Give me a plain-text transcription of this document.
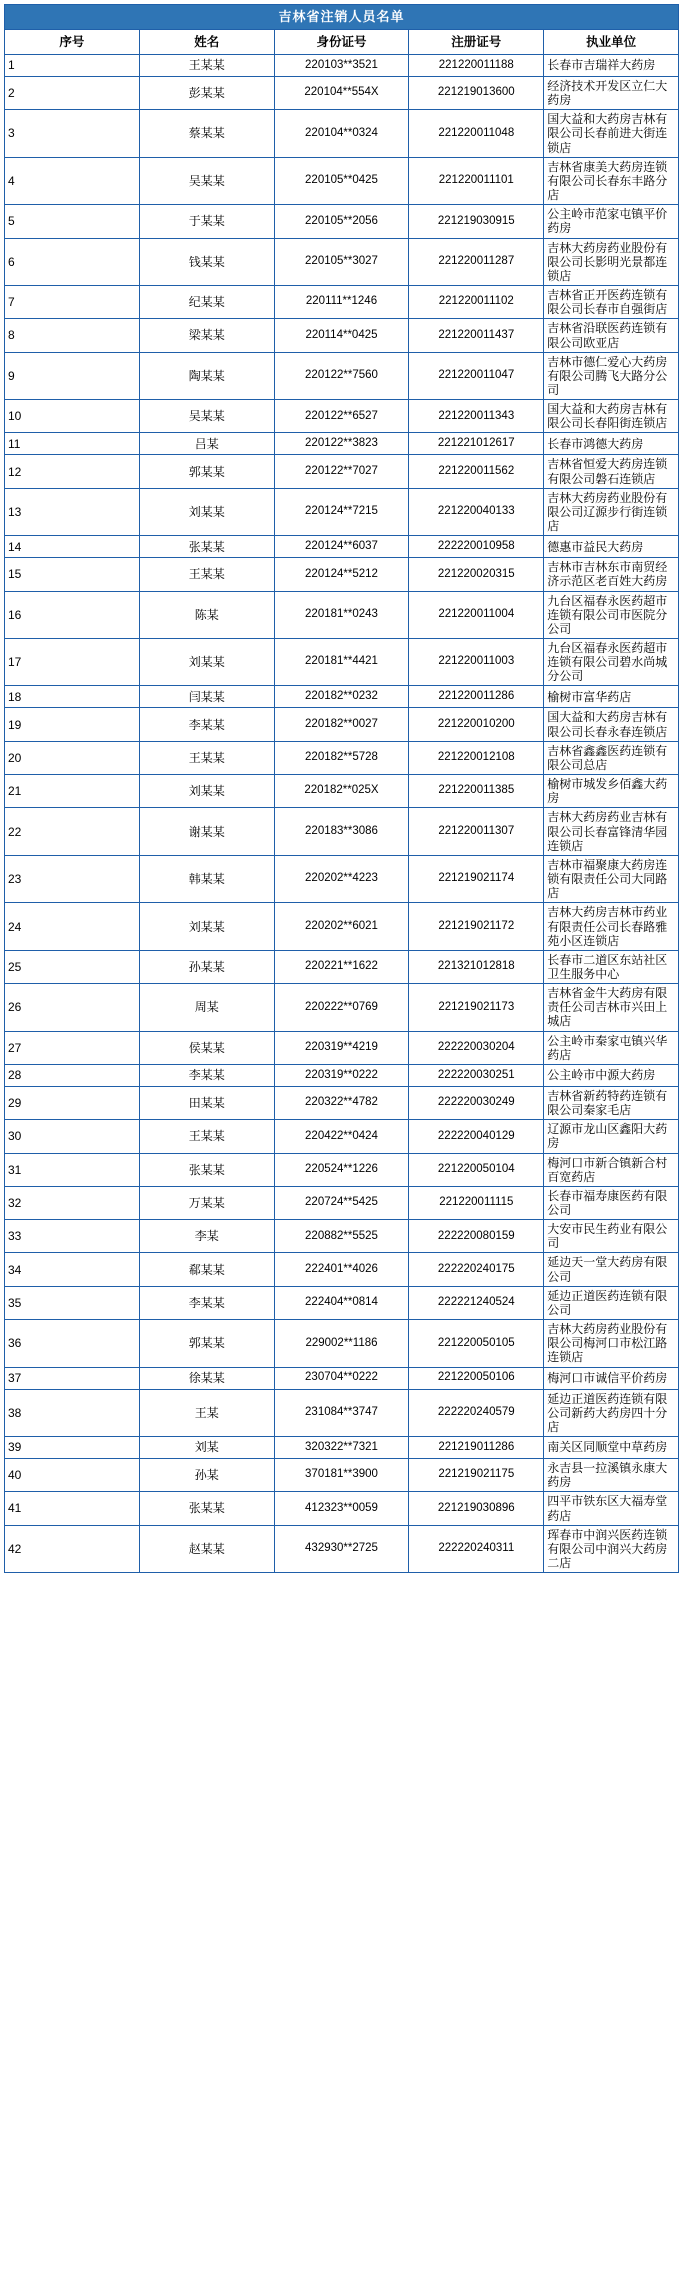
吉林省注销人员名单				
序号	姓名	身份证号	注册证号	执业单位
1	王某某	220103**3521	221220011188	长春市吉瑞祥大药房
2	彭某某	220104**554X	221219013600	经济技术开发区立仁大药房
3	蔡某某	220104**0324	221220011048	国大益和大药房吉林有限公司长春前进大街连锁店
4	吴某某	220105**0425	221220011101	吉林省康美大药房连锁有限公司长春东丰路分店
5	于某某	220105**2056	221219030915	公主岭市范家屯镇平价药房
6	钱某某	220105**3027	221220011287	吉林大药房药业股份有限公司长影明光景都连锁店
7	纪某某	220111**1246	221220011102	吉林省正开医药连锁有限公司长春市自强街店
8	梁某某	220114**0425	221220011437	吉林省沿联医药连锁有限公司欧亚店
9	陶某某	220122**7560	221220011047	吉林市德仁爱心大药房有限公司腾飞大路分公司
10	吴某某	220122**6527	221220011343	国大益和大药房吉林有限公司长春阳街连锁店
11	吕某	220122**3823	221221012617	长春市鸿德大药房
12	郭某某	220122**7027	221220011562	吉林省恒爱大药房连锁有限公司磐石连锁店
13	刘某某	220124**7215	221220040133	吉林大药房药业股份有限公司辽源步行街连锁店
14	张某某	220124**6037	222220010958	德惠市益民大药房
15	王某某	220124**5212	221220020315	吉林市吉林东市南贸经济示范区老百姓大药房
16	陈某	220181**0243	221220011004	九台区福春永医药超市连锁有限公司市医院分公司
17	刘某某	220181**4421	221220011003	九台区福春永医药超市连锁有限公司碧水尚城分公司
18	闫某某	220182**0232	221220011286	榆树市富华药店
19	李某某	220182**0027	221220010200	国大益和大药房吉林有限公司长春永春连锁店
20	王某某	220182**5728	221220012108	吉林省鑫鑫医药连锁有限公司总店
21	刘某某	220182**025X	221220011385	榆树市城发乡佰鑫大药房
22	谢某某	220183**3086	221220011307	吉林大药房药业吉林有限公司长春富锋清华园连锁店
23	韩某某	220202**4223	221219021174	吉林市福聚康大药房连锁有限责任公司大同路店
24	刘某某	220202**6021	221219021172	吉林大药房吉林市药业有限责任公司长春路雅苑小区连锁店
25	孙某某	220221**1622	221321012818	长春市二道区东站社区卫生服务中心
26	周某	220222**0769	221219021173	吉林省金牛大药房有限责任公司吉林市兴田上城店
27	侯某某	220319**4219	222220030204	公主岭市秦家屯镇兴华药店
28	李某某	220319**0222	222220030251	公主岭市中源大药房
29	田某某	220322**4782	222220030249	吉林省新药特药连锁有限公司秦家毛店
30	王某某	220422**0424	222220040129	辽源市龙山区鑫阳大药房
31	张某某	220524**1226	221220050104	梅河口市新合镇新合村百宽药店
32	万某某	220724**5425	221220011115	长春市福寿康医药有限公司
33	李某	220882**5525	222220080159	大安市民生药业有限公司
34	郗某某	222401**4026	222220240175	延边天一堂大药房有限公司
35	李某某	222404**0814	222221240524	延边正道医药连锁有限公司
36	郭某某	229002**1186	221220050105	吉林大药房药业股份有限公司梅河口市松江路连锁店
37	徐某某	230704**0222	221220050106	梅河口市诚信平价药房
38	王某	231084**3747	222220240579	延边正道医药连锁有限公司新药大药房四十分店
39	刘某	320322**7321	221219011286	南关区同顺堂中草药房
40	孙某	370181**3900	221219021175	永吉县一拉溪镇永康大药房
41	张某某	412323**0059	221219030896	四平市铁东区大福寿堂药店
42	赵某某	432930**2725	222220240311	珲春市中润兴医药连锁有限公司中润兴大药房二店
